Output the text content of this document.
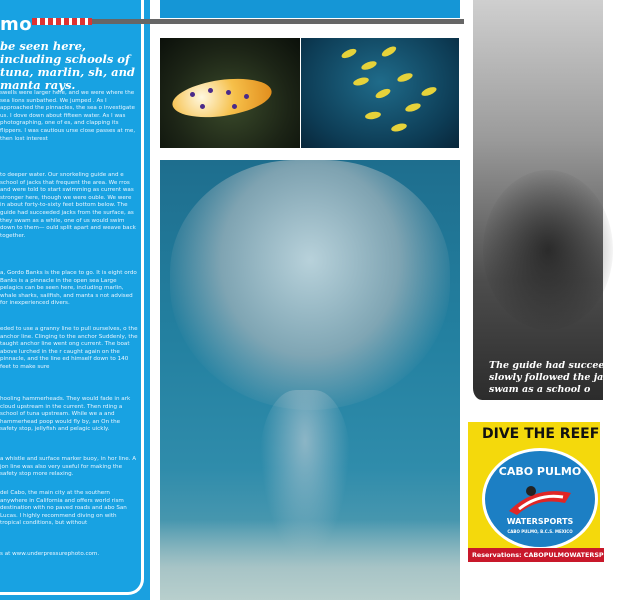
mo
be seen here, including schools of tuna, marlin, sh, and manta rays.
swells were larger here, and we were where the sea lions sunbathed. We jumped . As I approached the pinnacles, the sea o investigate us. I dove down about fifteen water. As I was photographing, one of es, and clapping its flippers. I was cautious urse close passes at me, then lost interest
to deeper water. Our snorkeling guide and e school of jacks that frequent the area. We rros and were told to start swimming as current was stronger here, though we were ouble. We were in about forty-to-sixty feet bottom below. The guide had succeeded jacks from the surface, as they swam as a while, one of us would swim down to them— ould split apart and weave back together.
a, Gordo Banks is the place to go. It is eight ordo Banks is a pinnacle in the open sea Large pelagics can be seen here, including marlin, whale sharks, sailfish, and manta s not advised for inexperienced divers.
eded to use a granny line to pull ourselves, o the anchor line. Clinging to the anchor Suddenly, the taught anchor line went ong current. The boat above lurched in the r caught again on the pinnacle, and the line ed himself down to 140 feet to make sure
hooling hammerheads. They would fade in ark cloud upstream in the current. Then rding a school of tuna upstream. While we a and hammerhead poop would fly by, an On the safety stop, jellyfish and pelagic uickly.
a whistle and surface marker buoy, in hor line. A jon line was also very useful for making the safety stop more relaxing.
del Cabo, the main city at the southern anywhere in California and offers world rism destination with no paved roads and abo San Lucas. I highly recommend diving on with tropical conditions, but without
s at www.underpressurephoto.com.
The guide had succeed slowly followed the jack swam as a school o
DIVE THE REEF
CABO PULMO
WATERSPORTS
CABO PULMO, B.C.S. MEXICO
Reservations: CABOPULMOWATERSPO
